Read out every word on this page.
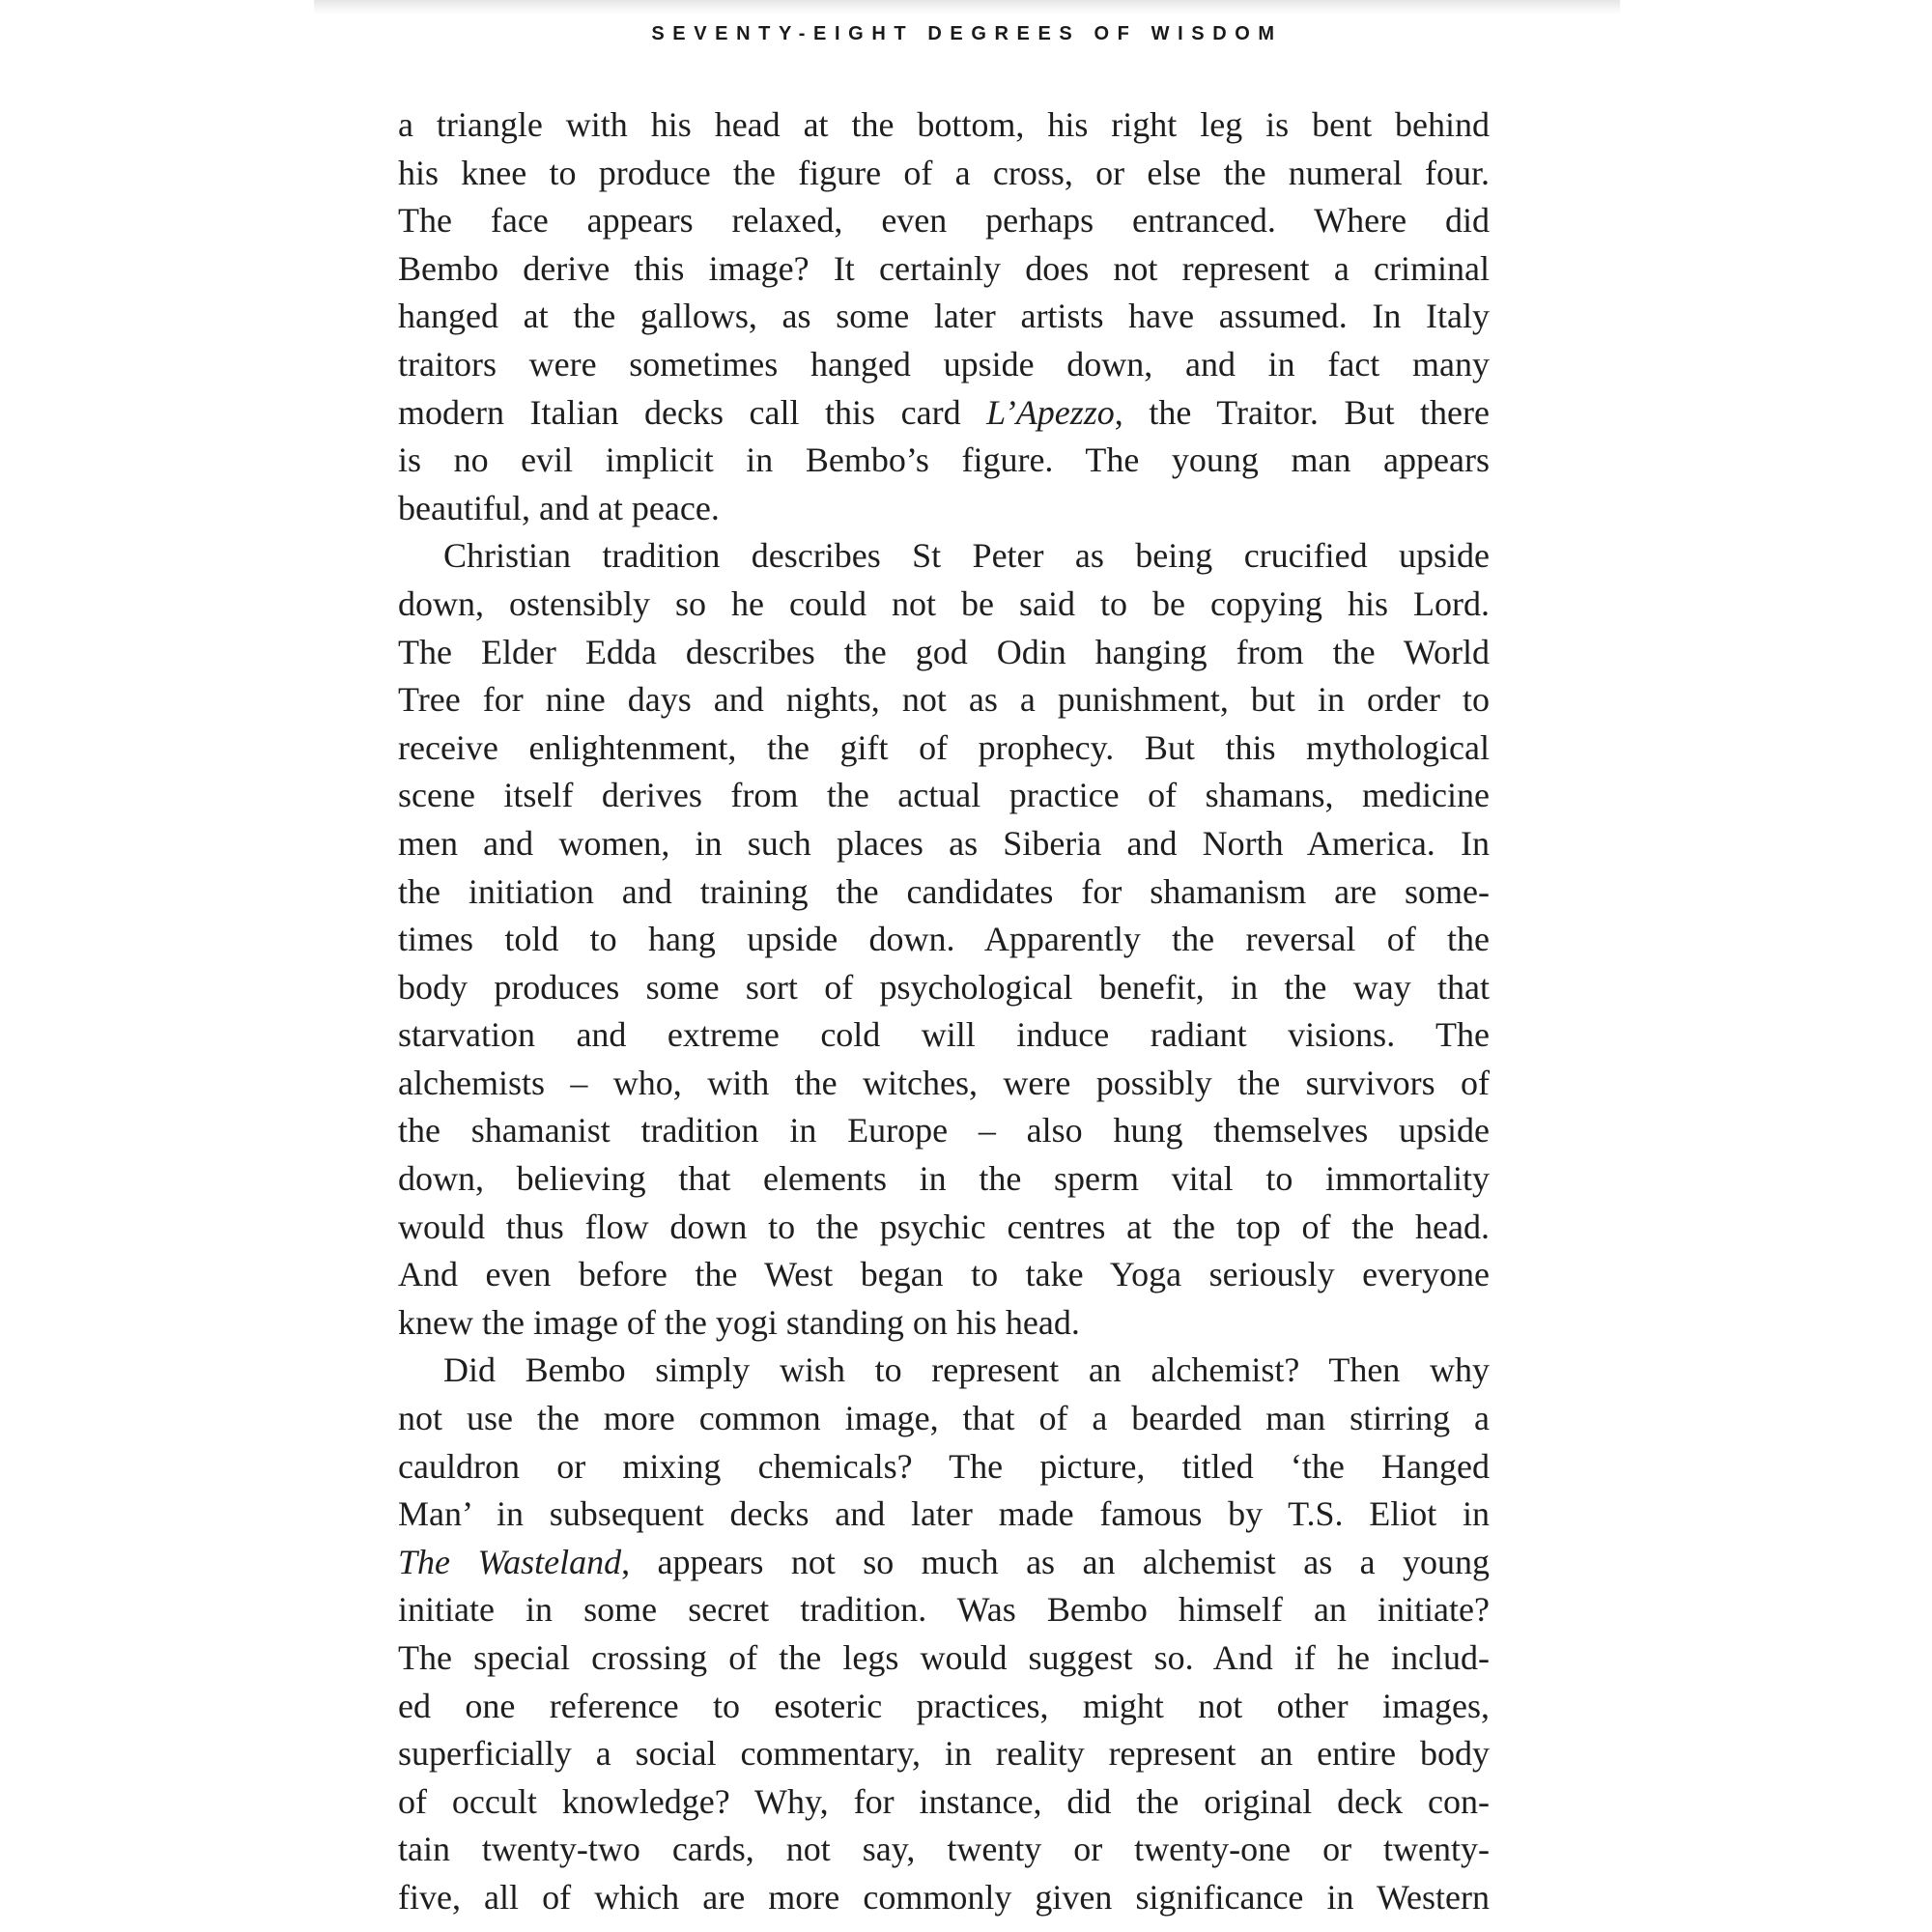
SEVENTY-EIGHT DEGREES OF WISDOM
a triangle with his head at the bottom, his right leg is bent behind
his knee to produce the figure of a cross, or else the numeral four.
The face appears relaxed, even perhaps entranced. Where did
Bembo derive this image? It certainly does not represent a criminal
hanged at the gallows, as some later artists have assumed. In Italy
traitors were sometimes hanged upside down, and in fact many
modern Italian decks call this card L’Apezzo, the Traitor. But there
is no evil implicit in Bembo’s figure. The young man appears
beautiful, and at peace.
Christian tradition describes St Peter as being crucified upside
down, ostensibly so he could not be said to be copying his Lord.
The Elder Edda describes the god Odin hanging from the World
Tree for nine days and nights, not as a punishment, but in order to
receive enlightenment, the gift of prophecy. But this mythological
scene itself derives from the actual practice of shamans, medicine
men and women, in such places as Siberia and North America. In
the initiation and training the candidates for shamanism are some-
times told to hang upside down. Apparently the reversal of the
body produces some sort of psychological benefit, in the way that
starvation and extreme cold will induce radiant visions. The
alchemists – who, with the witches, were possibly the survivors of
the shamanist tradition in Europe – also hung themselves upside
down, believing that elements in the sperm vital to immortality
would thus flow down to the psychic centres at the top of the head.
And even before the West began to take Yoga seriously everyone
knew the image of the yogi standing on his head.
Did Bembo simply wish to represent an alchemist? Then why
not use the more common image, that of a bearded man stirring a
cauldron or mixing chemicals? The picture, titled ‘the Hanged
Man’ in subsequent decks and later made famous by T.S. Eliot in
The Wasteland, appears not so much as an alchemist as a young
initiate in some secret tradition. Was Bembo himself an initiate?
The special crossing of the legs would suggest so. And if he includ-
ed one reference to esoteric practices, might not other images,
superficially a social commentary, in reality represent an entire body
of occult knowledge? Why, for instance, did the original deck con-
tain twenty-two cards, not say, twenty or twenty-one or twenty-
five, all of which are more commonly given significance in Western
